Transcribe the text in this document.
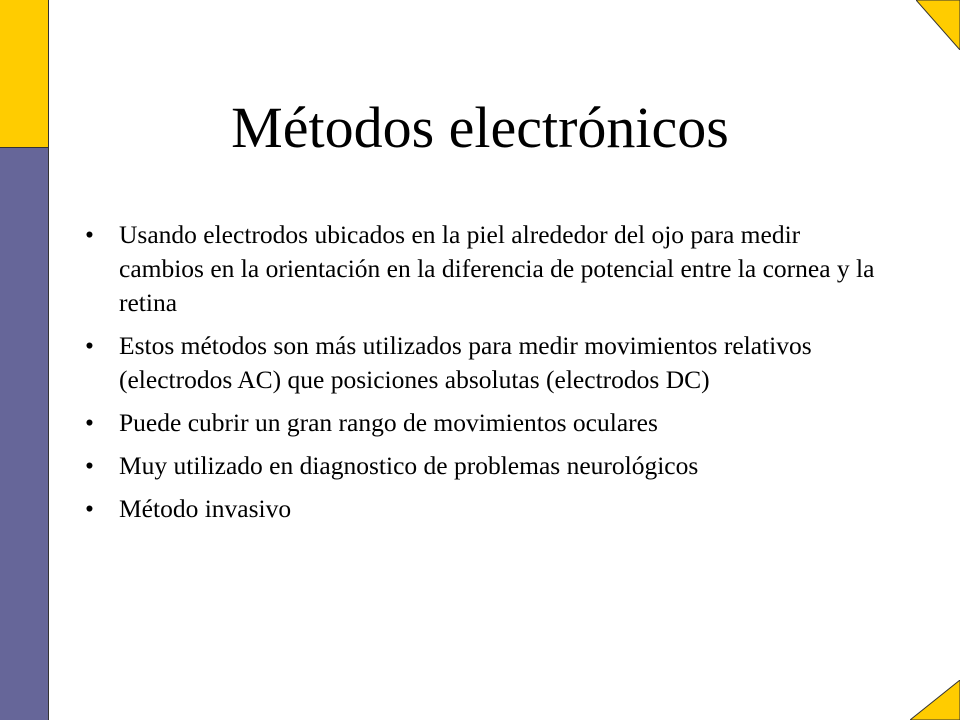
Métodos electrónicos
• Usando electrodos ubicados en la piel alrededor del ojo para medir cambios en la orientación en la diferencia de potencial entre la cornea y la retina
• Estos métodos son más utilizados para medir movimientos relativos (electrodos AC) que posiciones absolutas (electrodos DC)
• Puede cubrir un gran rango de movimientos oculares
• Muy utilizado en diagnostico de problemas neurológicos
• Método invasivo
